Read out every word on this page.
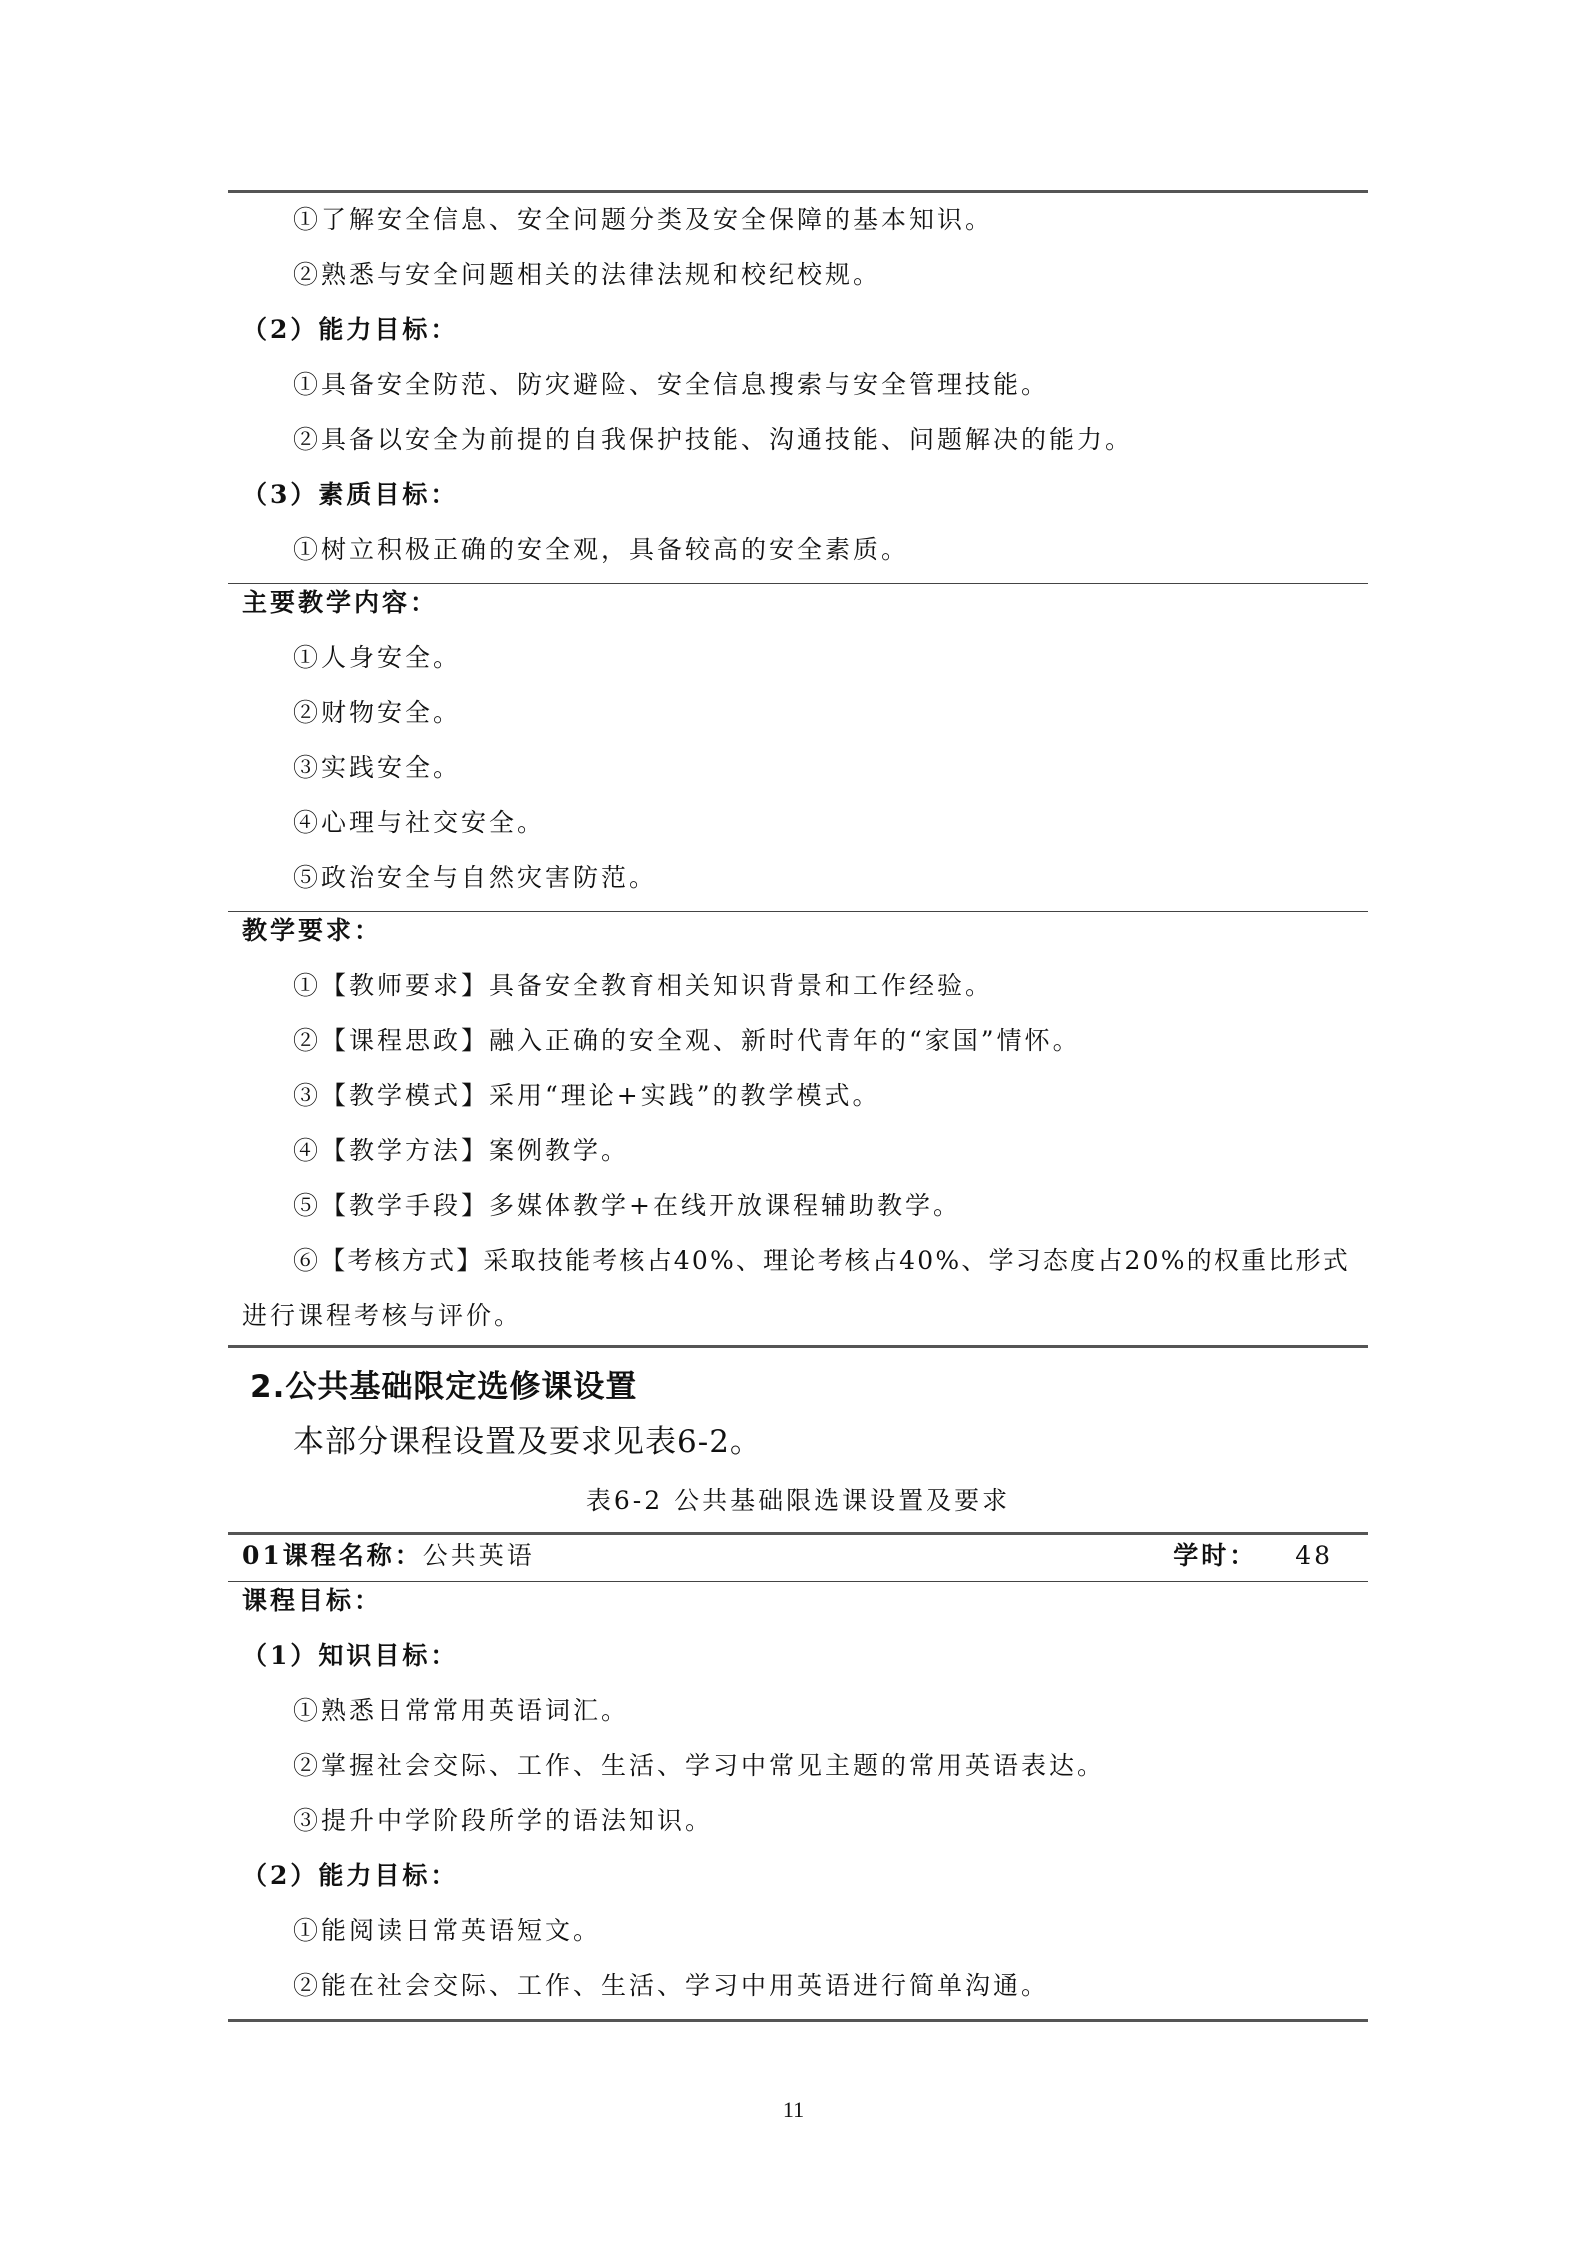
①了解安全信息、安全问题分类及安全保障的基本知识。
②熟悉与安全问题相关的法律法规和校纪校规。
（2）能力目标：
①具备安全防范、防灾避险、安全信息搜索与安全管理技能。
②具备以安全为前提的自我保护技能、沟通技能、问题解决的能力。
（3）素质目标：
①树立积极正确的安全观，具备较高的安全素质。
主要教学内容：
①人身安全。
②财物安全。
③实践安全。
④心理与社交安全。
⑤政治安全与自然灾害防范。
教学要求：
①【教师要求】具备安全教育相关知识背景和工作经验。
②【课程思政】融入正确的安全观、新时代青年的“家国”情怀。
③【教学模式】采用“理论+实践”的教学模式。
④【教学方法】案例教学。
⑤【教学手段】多媒体教学+在线开放课程辅助教学。
⑥【考核方式】采取技能考核占40%、理论考核占40%、学习态度占20%的权重比形式
进行课程考核与评价。
2.公共基础限定选修课设置
本部分课程设置及要求见表6-2。
表6-2 公共基础限选课设置及要求
01课程名称：公共英语	学时： 48
课程目标：
（1）知识目标：
①熟悉日常常用英语词汇。
②掌握社会交际、工作、生活、学习中常见主题的常用英语表达。
③提升中学阶段所学的语法知识。
（2）能力目标：
①能阅读日常英语短文。
②能在社会交际、工作、生活、学习中用英语进行简单沟通。
11
